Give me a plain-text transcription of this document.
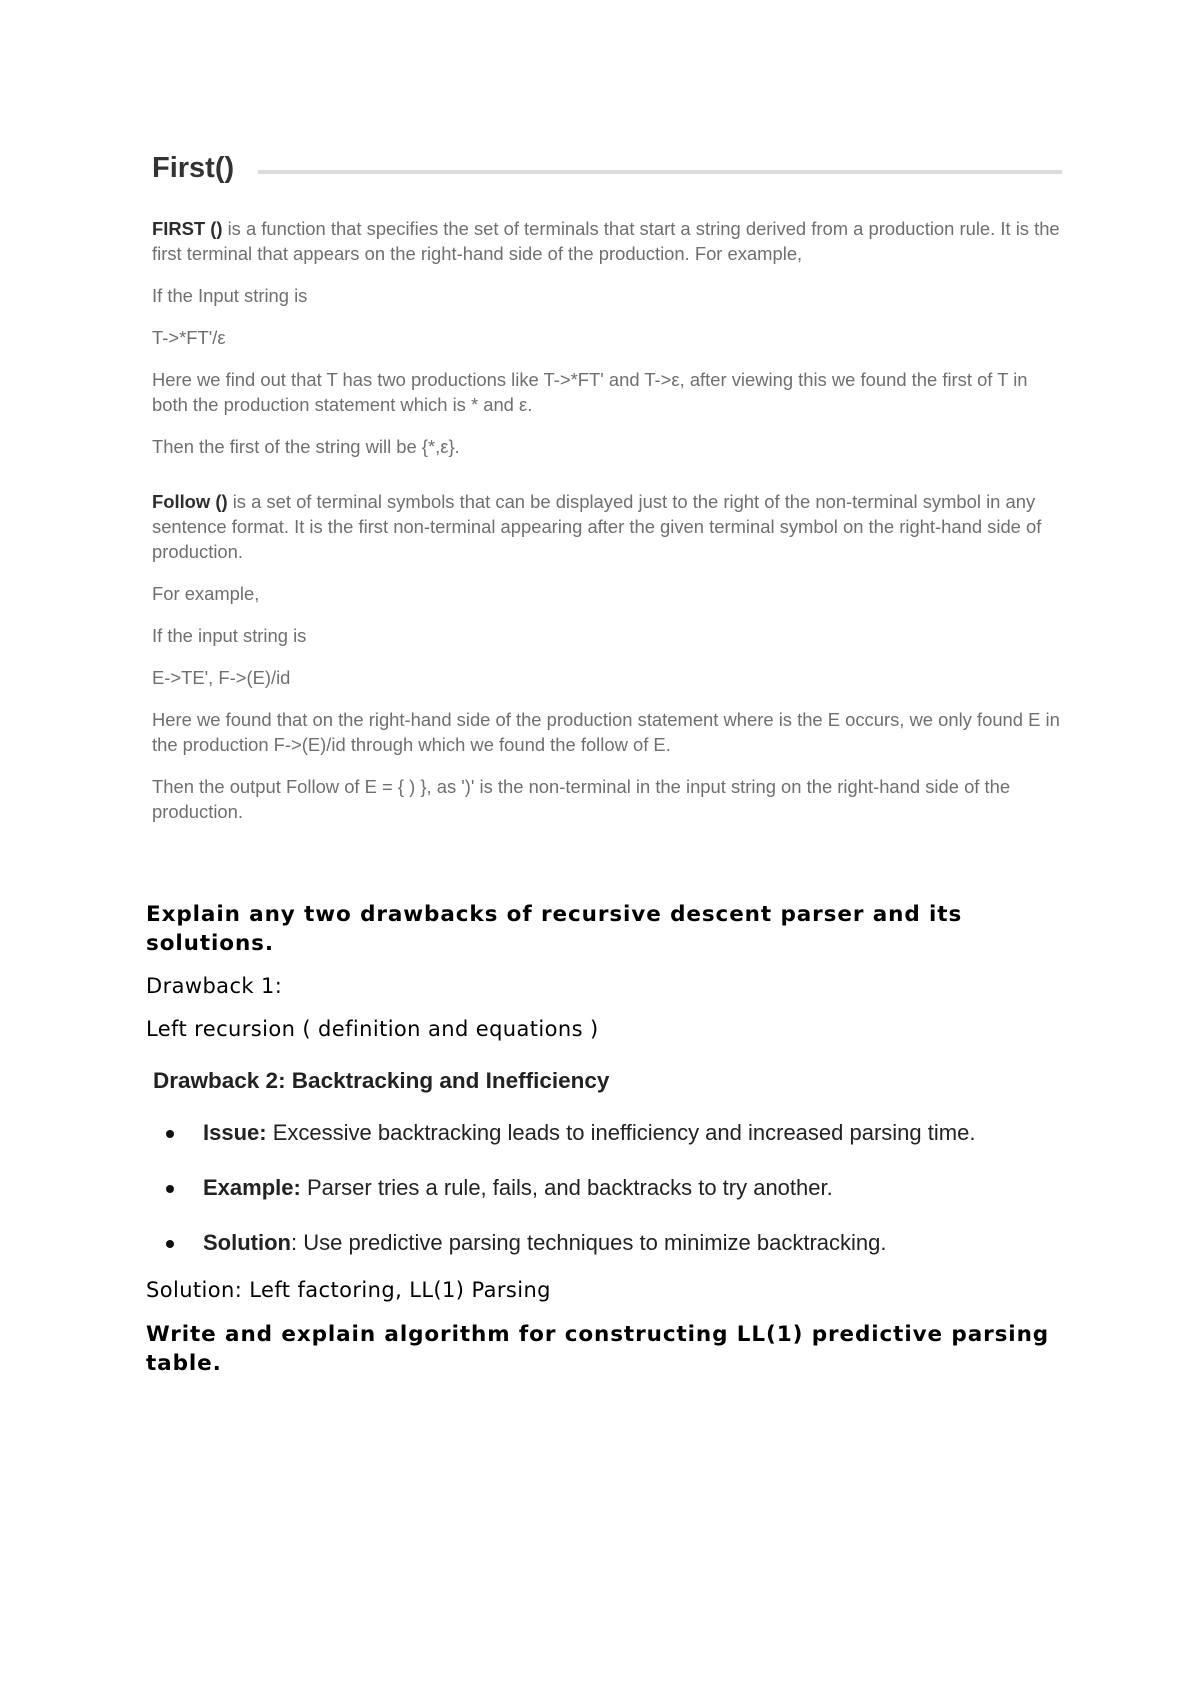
First()

FIRST () is a function that specifies the set of terminals that start a string derived from a production rule. It is the first terminal that appears on the right-hand side of the production. For example,

If the Input string is

T->*FT'/ε

Here we find out that T has two productions like T->*FT' and T->ε, after viewing this we found the first of T in both the production statement which is * and ε.

Then the first of the string will be {*,ε}.

Follow () is a set of terminal symbols that can be displayed just to the right of the non-terminal symbol in any sentence format. It is the first non-terminal appearing after the given terminal symbol on the right-hand side of production.

For example,

If the input string is

E->TE', F->(E)/id

Here we found that on the right-hand side of the production statement where is the E occurs, we only found E in the production F->(E)/id through which we found the follow of E.

Then the output Follow of E = { ) }, as ')' is the non-terminal in the input string on the right-hand side of the production.

Explain any two drawbacks of recursive descent parser and its solutions.

Drawback 1:

Left recursion ( definition and equations )

Drawback 2: Backtracking and Inefficiency

Issue: Excessive backtracking leads to inefficiency and increased parsing time.
Example: Parser tries a rule, fails, and backtracks to try another.
Solution: Use predictive parsing techniques to minimize backtracking.

Solution: Left factoring, LL(1) Parsing

Write and explain algorithm for constructing LL(1) predictive parsing table.
